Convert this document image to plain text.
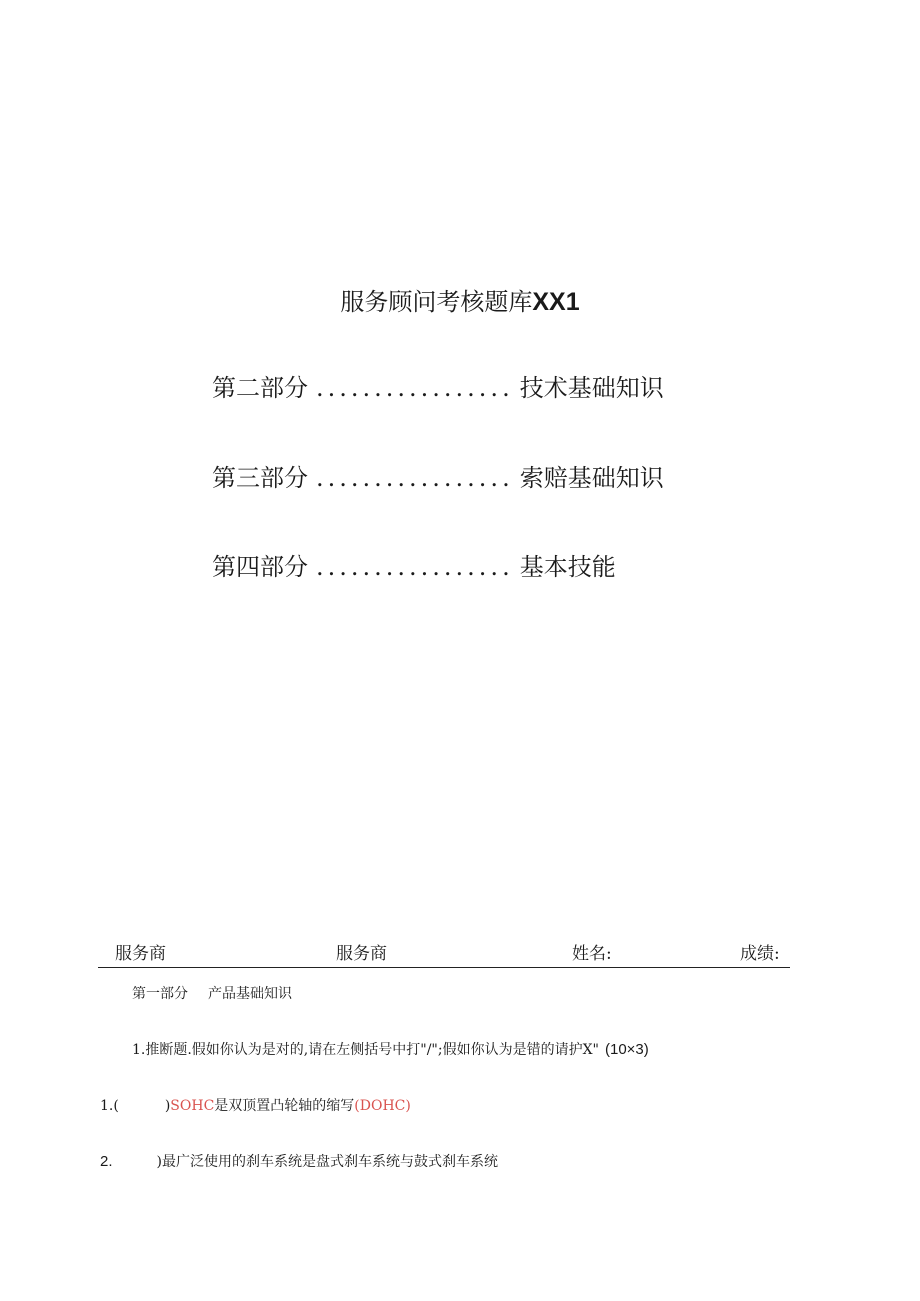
服务顾问考核题库XX1
第二部分 ................. 技术基础知识
第三部分 ................. 索赔基础知识
第四部分 ................. 基本技能
服务商	服务商	姓名:	成绩:
第一部分 产品基础知识
1.推断题.假如你认为是对的,请在左侧括号中打"/";假如你认为是错的请护X" (10×3)
1.(	)SOHC是双顶置凸轮轴的缩写(DOHC)
2.	)最广泛使用的刹车系统是盘式刹车系统与鼓式刹车系统
